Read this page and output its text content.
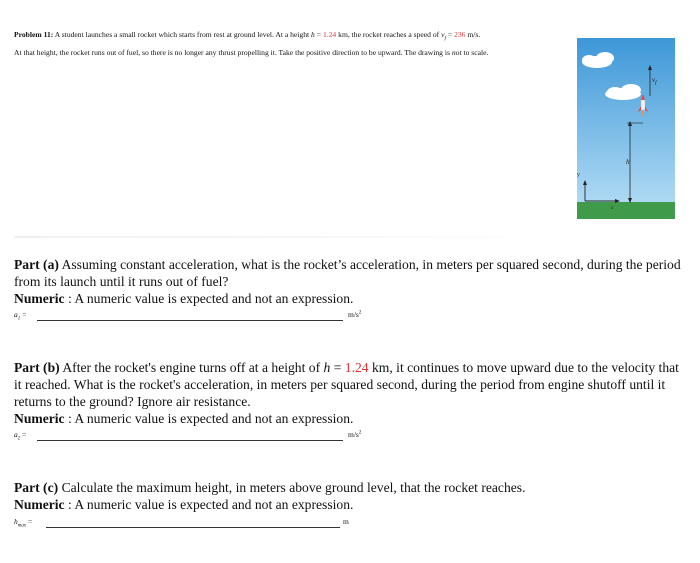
Problem 11: A student launches a small rocket which starts from rest at ground level. At a height h = 1.24 km, the rocket reaches a speed of $v_f = 236$ m/s.
At that height, the rocket runs out of fuel, so there is no longer any thrust propelling it. Take the positive direction to be upward. The drawing is not to scale.
$v_f$
h
y
x
Part (a) Assuming constant acceleration, what is the rocket’s acceleration, in meters per squared second, during the period from its launch until it runs out of fuel?
Numeric : A numeric value is expected and not an expression.
$a_1$ =	$m/s^2$
Part (b) After the rocket's engine turns off at a height of h = 1.24 km, it continues to move upward due to the velocity that it reached. What is the rocket's acceleration, in meters per squared second, during the period from engine shutoff until it returns to the ground? Ignore air resistance.
Numeric : A numeric value is expected and not an expression.
$a_2$ =	$m/s^2$
Part (c) Calculate the maximum height, in meters above ground level, that the rocket reaches.
Numeric : A numeric value is expected and not an expression.
$h_{max}$ =	m
